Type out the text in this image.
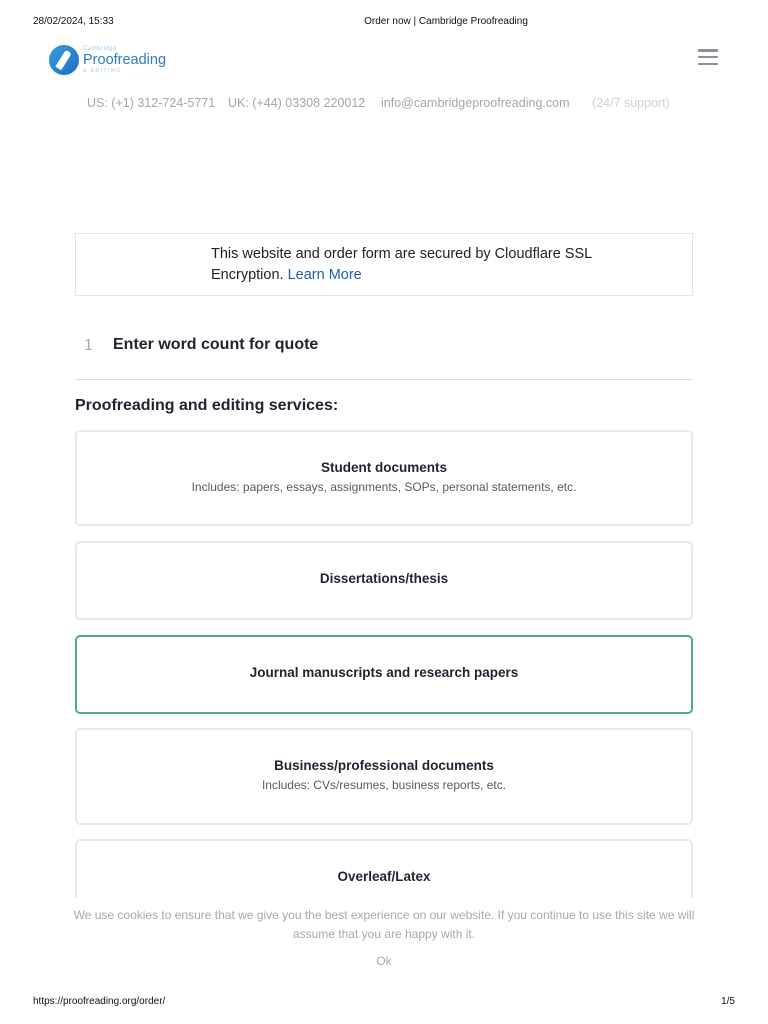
28/02/2024, 15:33	Order now | Cambridge Proofreading
Cambridge
Proofreading
& EDITING
US: (+1) 312-724-5771 UK: (+44) 03308 220012 info@cambridgeproofreading.com (24/7 support)

This website and order form are secured by Cloudflare SSL Encryption. Learn More

1 Enter word count for quote
Proofreading and editing services:
Student documents
Includes: papers, essays, assignments, SOPs, personal statements, etc.
Dissertations/thesis
Journal manuscripts and research papers
Business/professional documents
Includes: CVs/resumes, business reports, etc.
Overleaf/Latex

We use cookies to ensure that we give you the best experience on our website. If you continue to use this site we will assume that you are happy with it.

Ok
https://proofreading.org/order/	1/5
